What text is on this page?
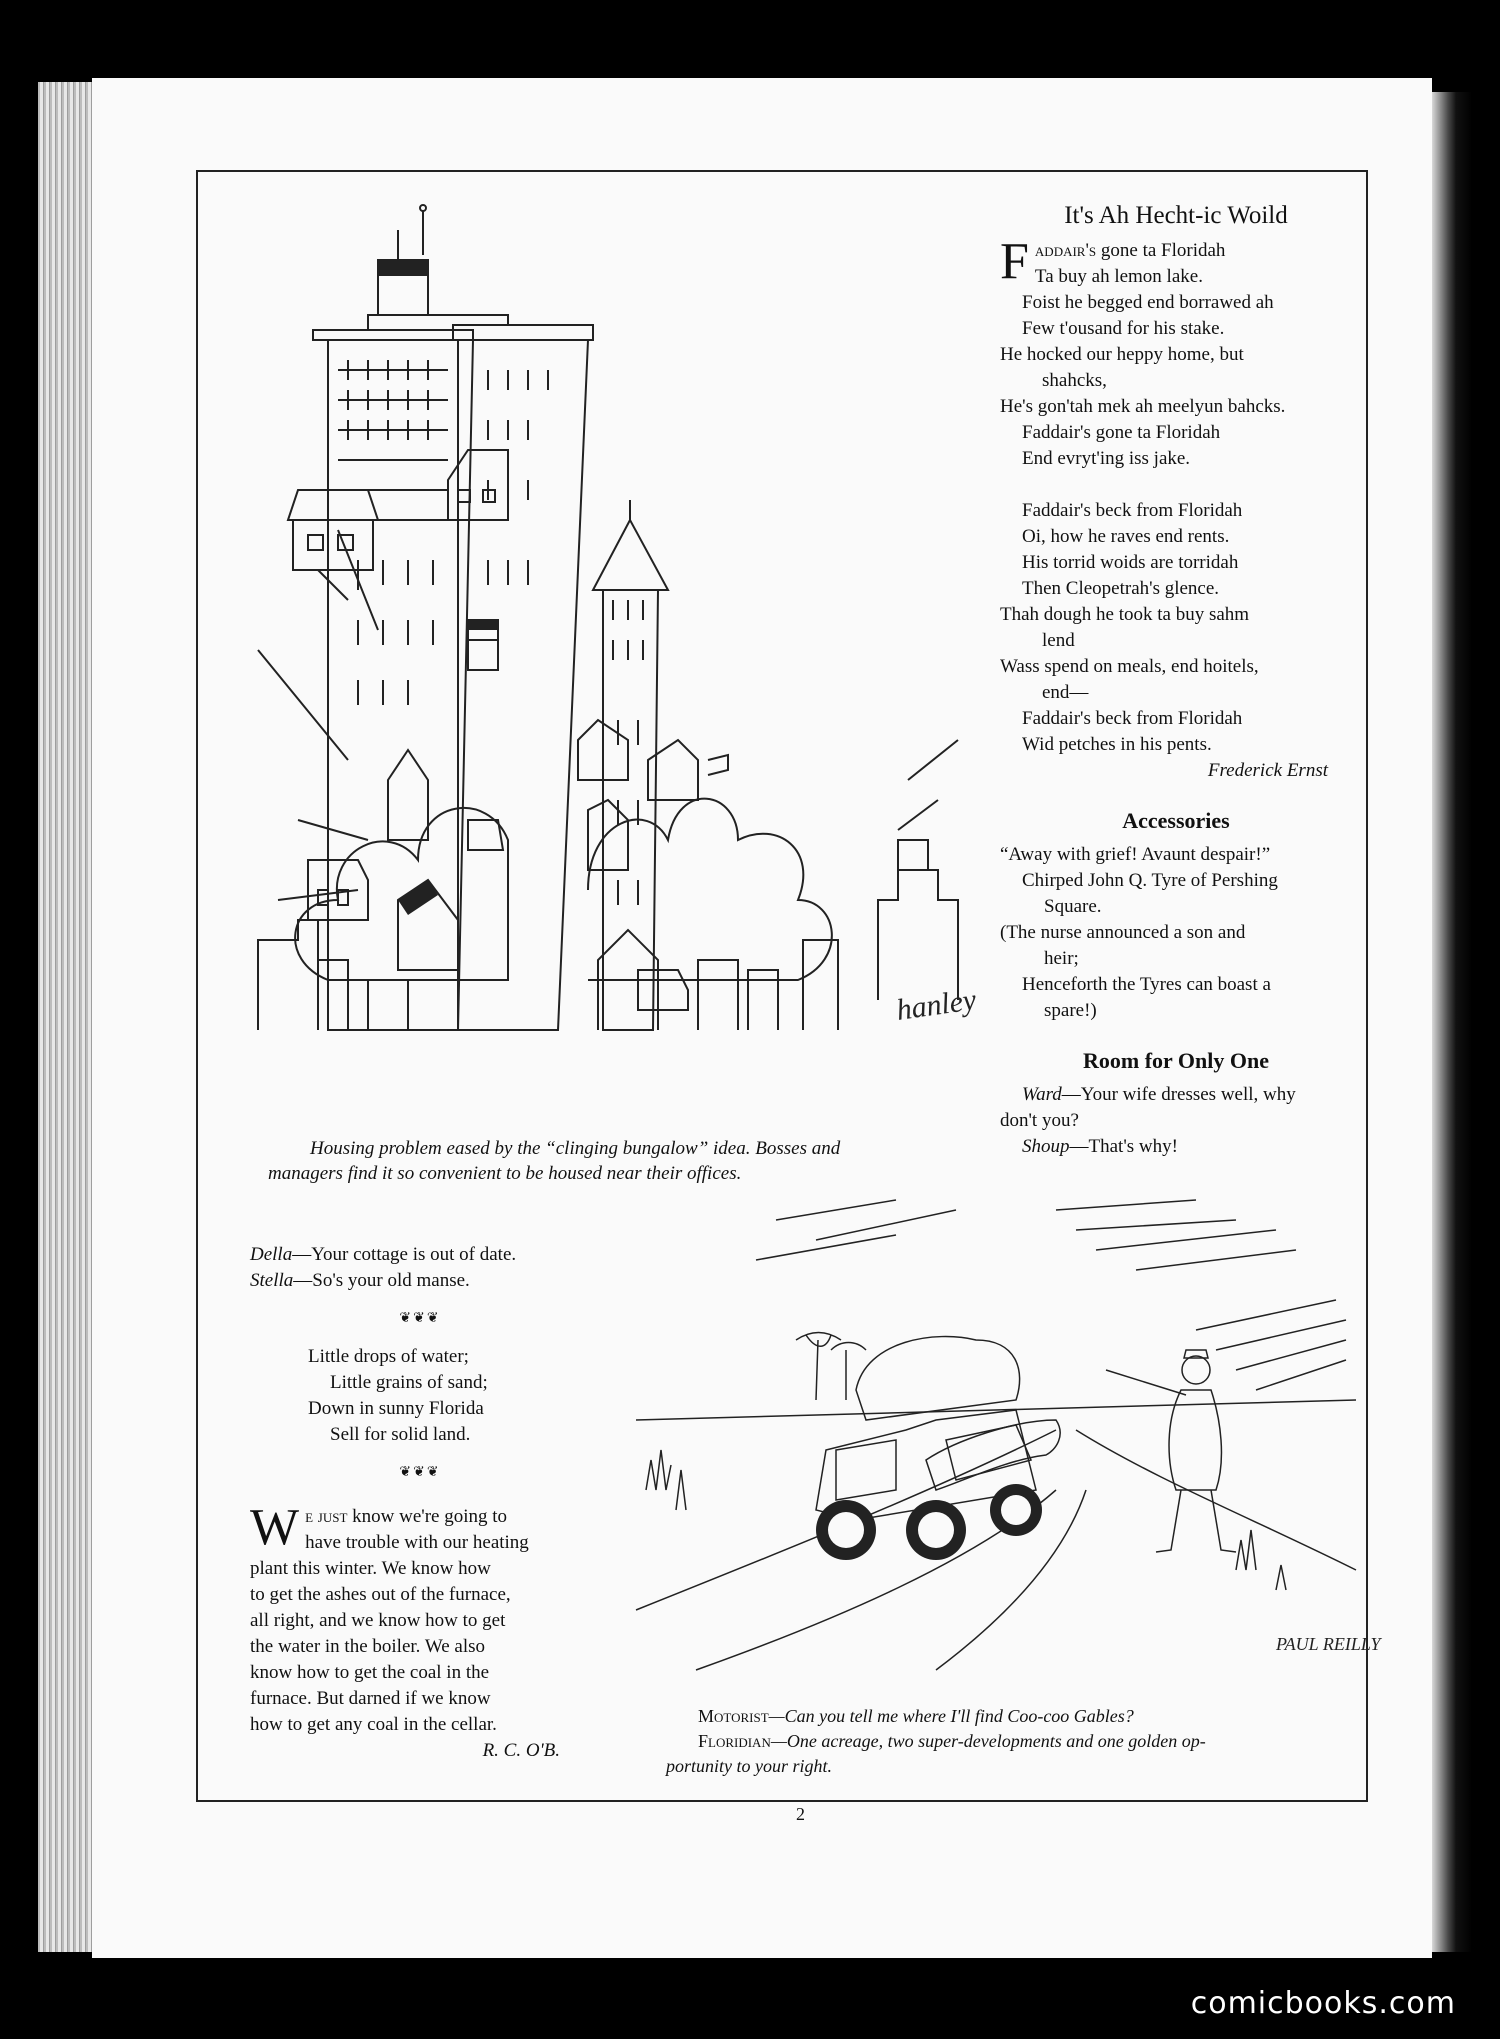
hanley
Housing problem eased by the “clinging bungalow” idea. Bosses and
managers find it so convenient to be housed near their offices.
It's Ah Hecht-ic Woild
Faddair's gone ta Floridah
Ta buy ah lemon lake.
Foist he begged end borrawed ah
Few t'ousand for his stake.
He hocked our heppy home, but
shahcks,
He's gon'tah mek ah meelyun bahcks.
Faddair's gone ta Floridah
End evryt'ing iss jake.
Faddair's beck from Floridah
Oi, how he raves end rents.
His torrid woids are torridah
Then Cleopetrah's glence.
Thah dough he took ta buy sahm
lend
Wass spend on meals, end hoitels,
end—
Faddair's beck from Floridah
Wid petches in his pents.
Frederick Ernst
Accessories
“Away with grief! Avaunt despair!”
Chirped John Q. Tyre of Pershing
Square.
(The nurse announced a son and
heir;
Henceforth the Tyres can boast a
spare!)
Room for Only One
Ward—Your wife dresses well, why
don't you?
Shoup—That's why!
Della—Your cottage is out of date.
Stella—So's your old manse.
❦❦❦
Little drops of water;
Little grains of sand;
Down in sunny Florida
Sell for solid land.
❦❦❦
We just know we're going to
have trouble with our heating
plant this winter. We know how
to get the ashes out of the furnace,
all right, and we know how to get
the water in the boiler. We also
know how to get the coal in the
furnace. But darned if we know
how to get any coal in the cellar.
R. C. O'B.
PAUL REILLY
Motorist—Can you tell me where I'll find Coo-coo Gables?
Floridian—One acreage, two super-developments and one golden op-
portunity to your right.
2
comicbooks.com
